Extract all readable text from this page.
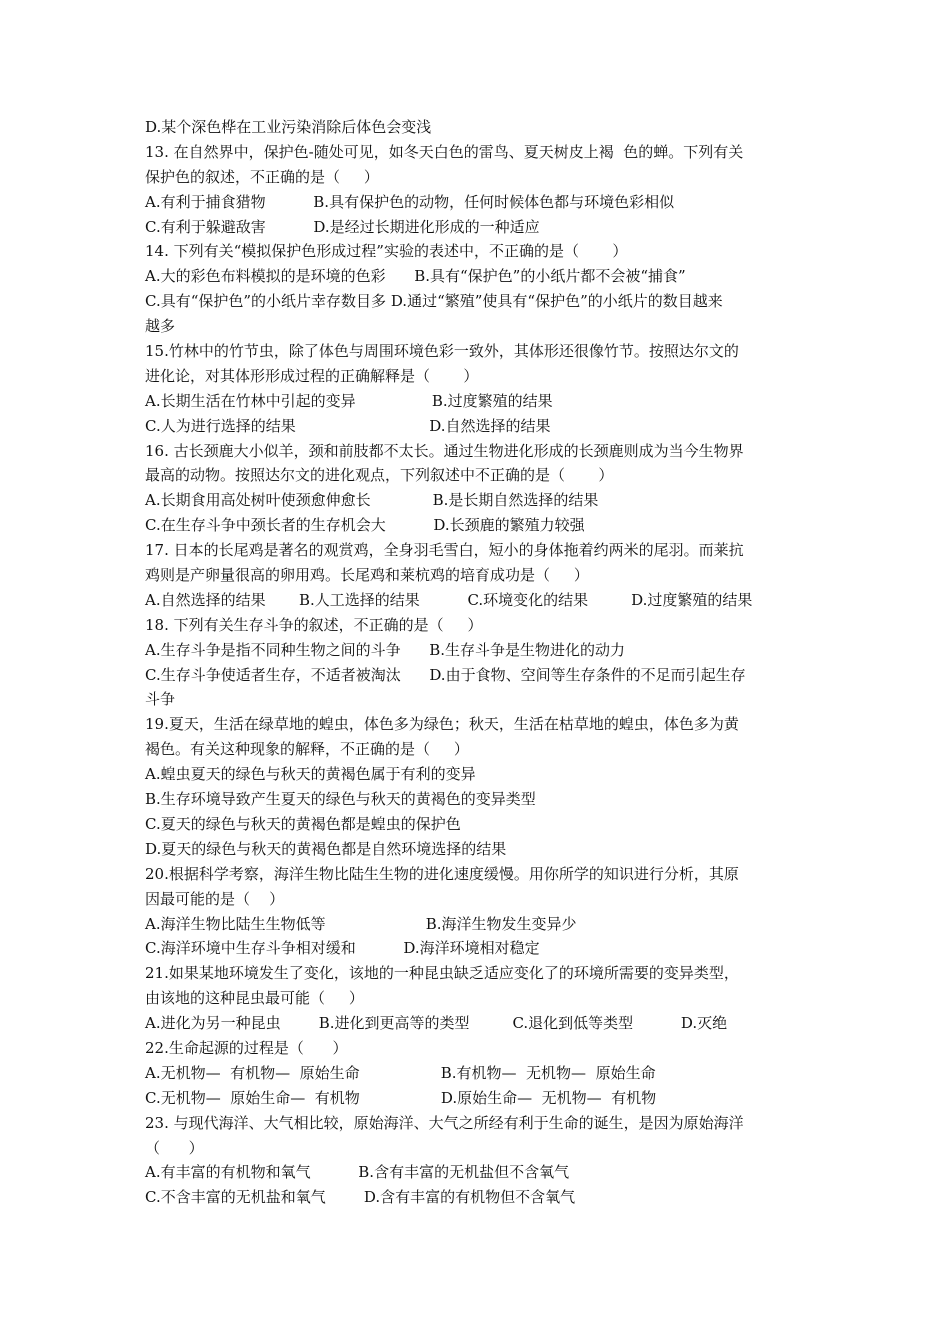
D.某个深色桦在工业污染消除后体色会变浅
13. 在自然界中，保护色-随处可见，如冬天白色的雷鸟、夏天树皮上褐  色的蝉。下列有关
保护色的叙述，不正确的是（     ）
A.有利于捕食猎物          B.具有保护色的动物，任何时候体色都与环境色彩相似
C.有利于躲避敌害          D.是经过长期进化形成的一种适应
14. 下列有关“模拟保护色形成过程”实验的表述中，不正确的是（       ）
A.大的彩色布料模拟的是环境的色彩      B.具有“保护色”的小纸片都不会被“捕食”
C.具有“保护色”的小纸片幸存数目多 D.通过“繁殖”使具有“保护色”的小纸片的数目越来
越多
15.竹林中的竹节虫，除了体色与周围环境色彩一致外，其体形还很像竹节。按照达尔文的
进化论，对其体形形成过程的正确解释是（       ）
A.长期生活在竹林中引起的变异                B.过度繁殖的结果
C.人为进行选择的结果                            D.自然选择的结果
16. 古长颈鹿大小似羊，颈和前肢都不太长。通过生物进化形成的长颈鹿则成为当今生物界
最高的动物。按照达尔文的进化观点，下列叙述中不正确的是（       ）
A.长期食用高处树叶使颈愈伸愈长             B.是长期自然选择的结果
C.在生存斗争中颈长者的生存机会大          D.长颈鹿的繁殖力较强
17. 日本的长尾鸡是著名的观赏鸡，全身羽毛雪白，短小的身体拖着约两米的尾羽。而莱抗
鸡则是产卵量很高的卵用鸡。长尾鸡和莱杭鸡的培育成功是（     ）
A.自然选择的结果       B.人工选择的结果          C.环境变化的结果         D.过度繁殖的结果
18. 下列有关生存斗争的叙述，不正确的是（     ）
A.生存斗争是指不同种生物之间的斗争      B.生存斗争是生物进化的动力
C.生存斗争使适者生存，不适者被淘汰      D.由于食物、空间等生存条件的不足而引起生存
斗争
19.夏天，生活在绿草地的蝗虫，体色多为绿色；秋天，生活在枯草地的蝗虫，体色多为黄
褐色。有关这种现象的解释，不正确的是（     ）
A.蝗虫夏天的绿色与秋天的黄褐色属于有利的变异
B.生存环境导致产生夏天的绿色与秋天的黄褐色的变异类型
C.夏天的绿色与秋天的黄褐色都是蝗虫的保护色
D.夏天的绿色与秋天的黄褐色都是自然环境选择的结果
20.根据科学考察，海洋生物比陆生生物的进化速度缓慢。用你所学的知识进行分析，其原
因最可能的是（    ）
A.海洋生物比陆生生物低等                     B.海洋生物发生变异少
C.海洋环境中生存斗争相对缓和          D.海洋环境相对稳定
21.如果某地环境发生了变化，该地的一种昆虫缺乏适应变化了的环境所需要的变异类型，
由该地的这种昆虫最可能（     ）
A.进化为另一种昆虫        B.进化到更高等的类型         C.退化到低等类型          D.灭绝
22.生命起源的过程是（      ）
A.无机物—  有机物—  原始生命                 B.有机物—  无机物—  原始生命
C.无机物—  原始生命—  有机物                 D.原始生命—  无机物—  有机物
23. 与现代海洋、大气相比较，原始海洋、大气之所经有利于生命的诞生，是因为原始海洋
（      ）
A.有丰富的有机物和氧气          B.含有丰富的无机盐但不含氧气
C.不含丰富的无机盐和氧气        D.含有丰富的有机物但不含氧气
